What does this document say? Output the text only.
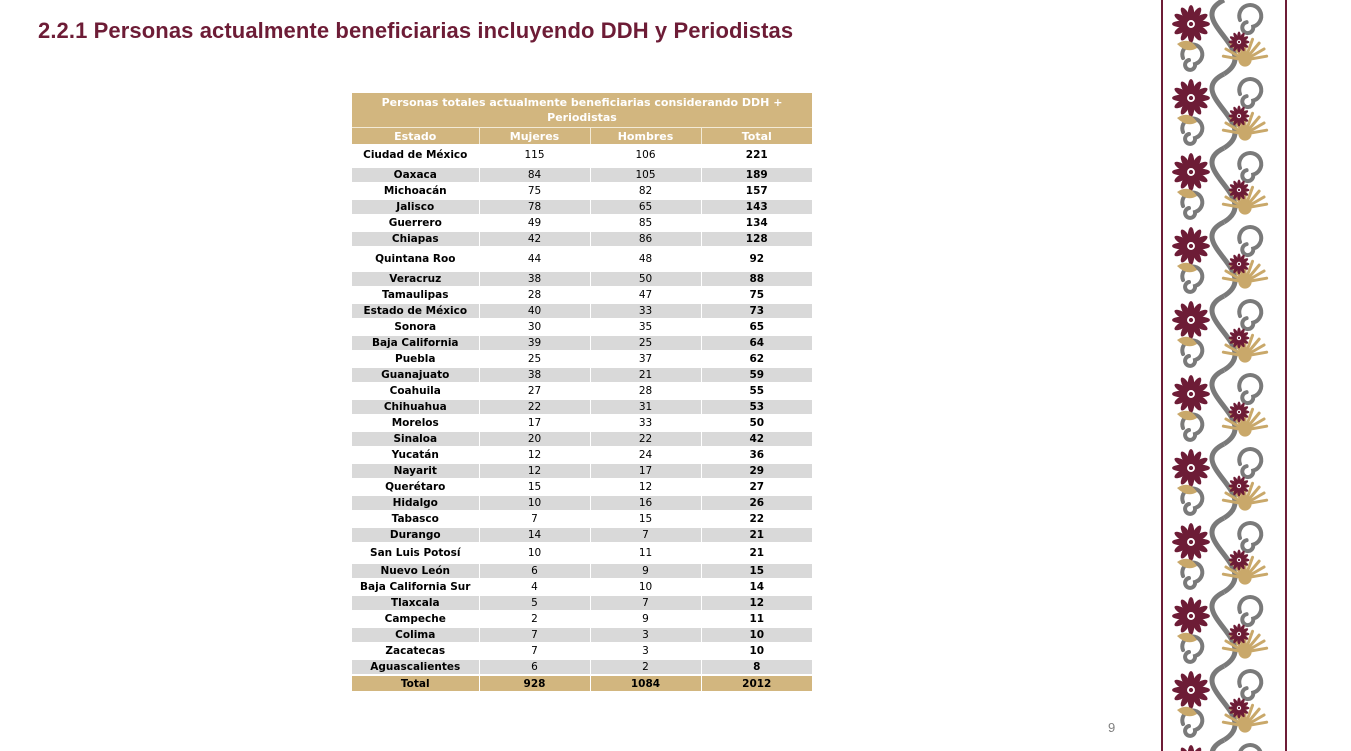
2.2.1 Personas actualmente beneficiarias incluyendo DDH y Periodistas
Personas totales actualmente beneficiarias considerando DDH + Periodistas			
Estado	Mujeres	Hombres	Total
Ciudad de México	115	106	221
Oaxaca	84	105	189
Michoacán	75	82	157
Jalisco	78	65	143
Guerrero	49	85	134
Chiapas	42	86	128
Quintana Roo	44	48	92
Veracruz	38	50	88
Tamaulipas	28	47	75
Estado de México	40	33	73
Sonora	30	35	65
Baja California	39	25	64
Puebla	25	37	62
Guanajuato	38	21	59
Coahuila	27	28	55
Chihuahua	22	31	53
Morelos	17	33	50
Sinaloa	20	22	42
Yucatán	12	24	36
Nayarit	12	17	29
Querétaro	15	12	27
Hidalgo	10	16	26
Tabasco	7	15	22
Durango	14	7	21
San Luis Potosí	10	11	21
Nuevo León	6	9	15
Baja California Sur	4	10	14
Tlaxcala	5	7	12
Campeche	2	9	11
Colima	7	3	10
Zacatecas	7	3	10
Aguascalientes	6	2	8
Total	928	1084	2012
9
